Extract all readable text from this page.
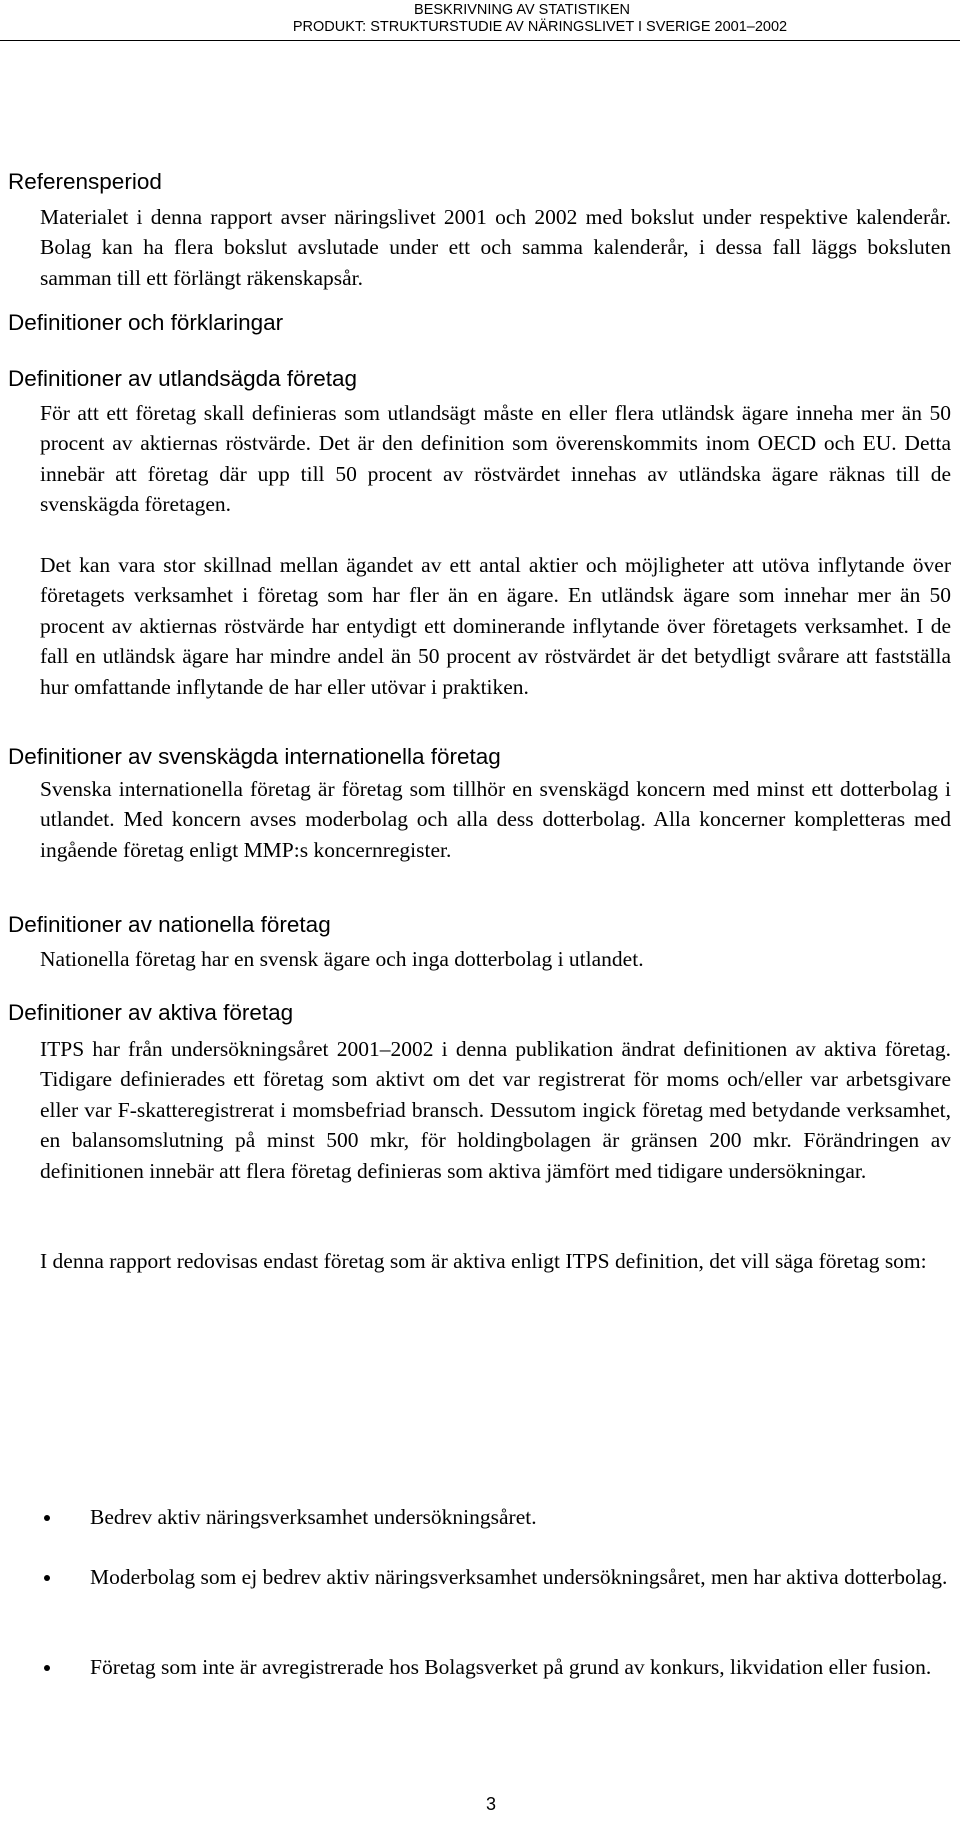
BESKRIVNING AV STATISTIKEN
PRODUKT: STRUKTURSTUDIE AV NÄRINGSLIVET I SVERIGE 2001–2002
Referensperiod

Materialet i denna rapport avser näringslivet 2001 och 2002 med bokslut under respektive kalenderår. Bolag kan ha flera bokslut avslutade under ett och samma kalenderår, i dessa fall läggs boksluten samman till ett förlängt räkenskapsår.

Definitioner och förklaringar
Definitioner av utlandsägda företag

För att ett företag skall definieras som utlandsägt måste en eller flera utländsk ägare inneha mer än 50 procent av aktiernas röstvärde. Det är den definition som överenskommits inom OECD och EU. Detta innebär att företag där upp till 50 procent av röstvärdet innehas av utländska ägare räknas till de svenskägda företagen.

Det kan vara stor skillnad mellan ägandet av ett antal aktier och möjligheter att utöva inflytande över företagets verksamhet i företag som har fler än en ägare. En utländsk ägare som innehar mer än 50 procent av aktiernas röstvärde har entydigt ett dominerande inflytande över företagets verksamhet. I de fall en utländsk ägare har mindre andel än 50 procent av röstvärdet är det betydligt svårare att fastställa hur omfattande inflytande de har eller utövar i praktiken.

Definitioner av svenskägda internationella företag

Svenska internationella företag är företag som tillhör en svenskägd koncern med minst ett dotterbolag i utlandet. Med koncern avses moderbolag och alla dess dotterbolag. Alla koncerner kompletteras med ingående företag enligt MMP:s koncernregister.

Definitioner av nationella företag

Nationella företag har en svensk ägare och inga dotterbolag i utlandet.

Definitioner av aktiva företag

ITPS har från undersökningsåret 2001–2002 i denna publikation ändrat definitionen av aktiva företag. Tidigare definierades ett företag som aktivt om det var registrerat för moms och/eller var arbetsgivare eller var F-skatteregistrerat i momsbefriad bransch. Dessutom ingick företag med betydande verksamhet, en balansomslutning på minst 500 mkr, för holdingbolagen är gränsen 200 mkr. Förändringen av definitionen innebär att flera företag definieras som aktiva jämfört med tidigare undersökningar.

I denna rapport redovisas endast företag som är aktiva enligt ITPS definition, det vill säga företag som:

Bedrev aktiv näringsverksamhet undersökningsåret.

Moderbolag som ej bedrev aktiv näringsverksamhet undersökningsåret, men har aktiva dotterbolag.

Företag som inte är avregistrerade hos Bolagsverket på grund av konkurs, likvidation eller fusion.

3
